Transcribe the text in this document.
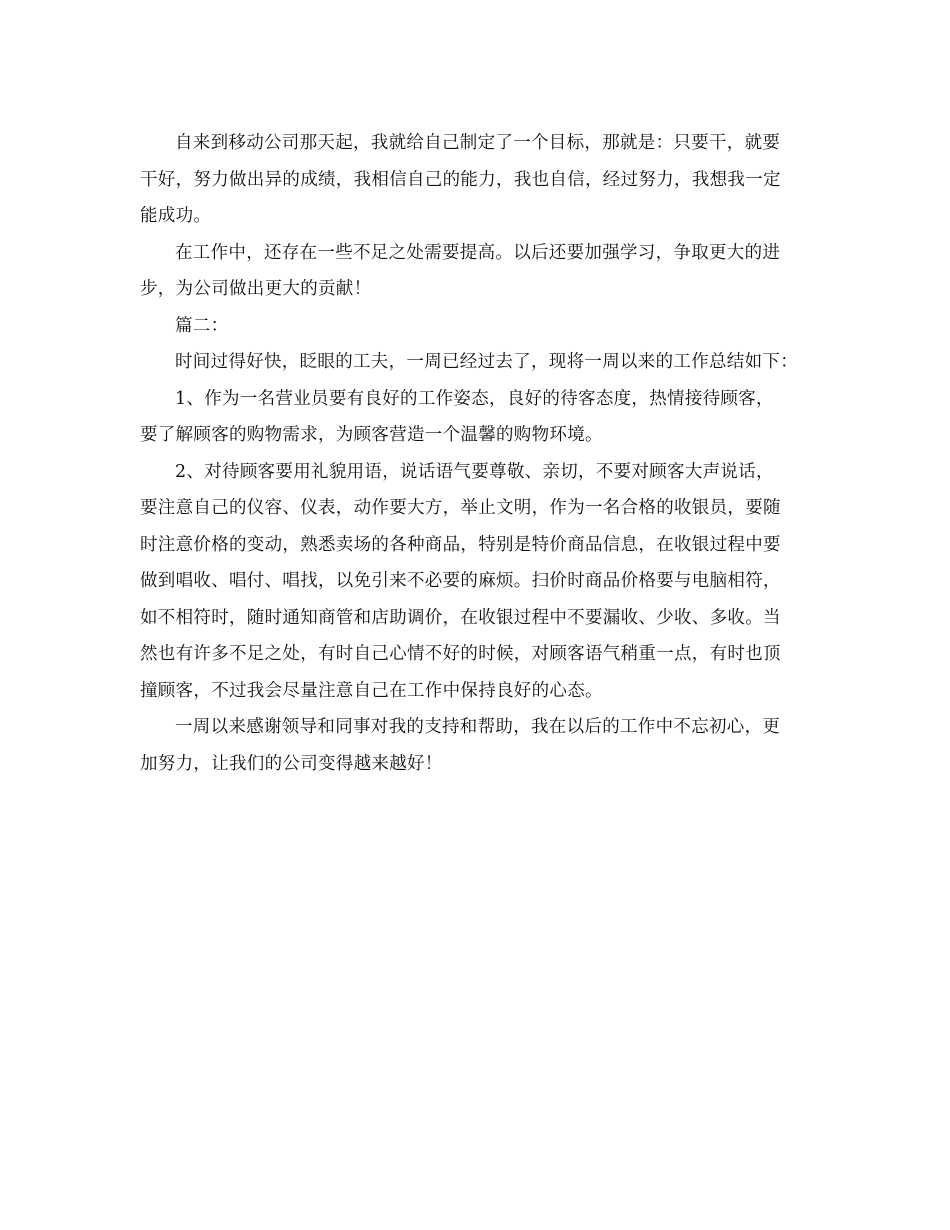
自来到移动公司那天起，我就给自己制定了一个目标，那就是：只要干，就要
干好，努力做出异的成绩，我相信自己的能力，我也自信，经过努力，我想我一定
能成功。
在工作中，还存在一些不足之处需要提高。以后还要加强学习，争取更大的进
步，为公司做出更大的贡献！
篇二：
时间过得好快，眨眼的工夫，一周已经过去了，现将一周以来的工作总结如下：
1、作为一名营业员要有良好的工作姿态，良好的待客态度，热情接待顾客，
要了解顾客的购物需求，为顾客营造一个温馨的购物环境。
2、对待顾客要用礼貌用语，说话语气要尊敬、亲切，不要对顾客大声说话，
要注意自己的仪容、仪表，动作要大方，举止文明，作为一名合格的收银员，要随
时注意价格的变动，熟悉卖场的各种商品，特别是特价商品信息，在收银过程中要
做到唱收、唱付、唱找，以免引来不必要的麻烦。扫价时商品价格要与电脑相符，
如不相符时，随时通知商管和店助调价，在收银过程中不要漏收、少收、多收。当
然也有许多不足之处，有时自己心情不好的时候，对顾客语气稍重一点，有时也顶
撞顾客，不过我会尽量注意自己在工作中保持良好的心态。
一周以来感谢领导和同事对我的支持和帮助，我在以后的工作中不忘初心，更
加努力，让我们的公司变得越来越好！
